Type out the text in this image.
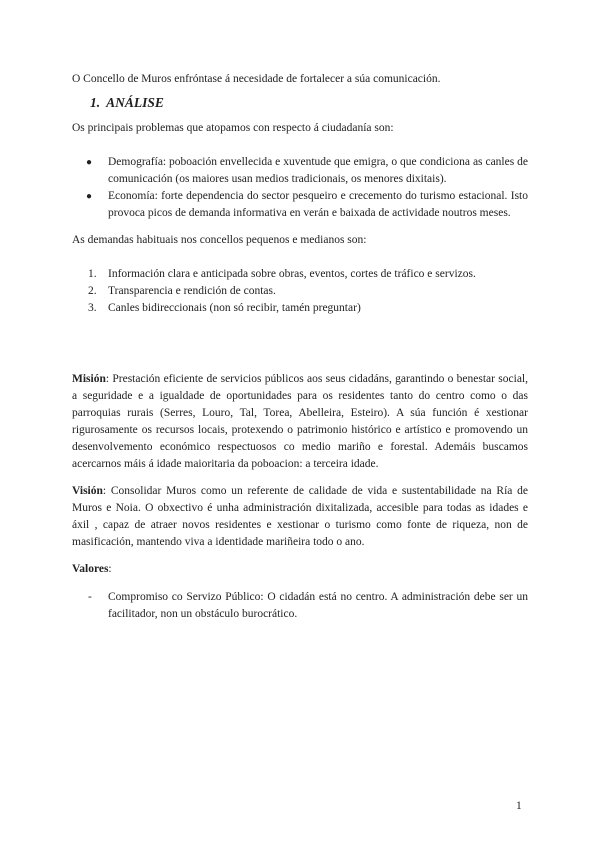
O Concello de Muros enfróntase á necesidade de fortalecer a súa comunicación.

1. ANÁLISE

Os principais problemas que atopamos con respecto á ciudadanía son:

● Demografía: poboación envellecida e xuventude que emigra, o que condiciona as canles de comunicación (os maiores usan medios tradicionais, os menores dixitais).
● Economía: forte dependencia do sector pesqueiro e crecemento do turismo estacional. Isto provoca picos de demanda informativa en verán e baixada de actividade noutros meses.

As demandas habituais nos concellos pequenos e medianos son:

1. Información clara e anticipada sobre obras, eventos, cortes de tráfico e servizos.
2. Transparencia e rendición de contas.
3. Canles bidireccionais (non só recibir, tamén preguntar)

Misión: Prestación eficiente de servicios públicos aos seus cidadáns, garantindo o benestar social, a seguridade e a igualdade de oportunidades para os residentes tanto do centro como o das parroquias rurais (Serres, Louro, Tal, Torea, Abelleira, Esteiro). A súa función é xestionar rigurosamente os recursos locais, protexendo o patrimonio histórico e artístico e promovendo un desenvolvemento económico respectuosos co medio mariño e forestal. Ademáis buscamos acercarnos máis á idade maioritaria da poboacion: a terceira idade.

Visión: Consolidar Muros como un referente de calidade de vida e sustentabilidade na Ría de Muros e Noia. O obxectivo é unha administración dixitalizada, accesible para todas as idades e áxil , capaz de atraer novos residentes e xestionar o turismo como fonte de riqueza, non de masificación, mantendo viva a identidade mariñeira todo o ano.

Valores:

- Compromiso co Servizo Público: O cidadán está no centro. A administración debe ser un facilitador, non un obstáculo burocrático.
1
